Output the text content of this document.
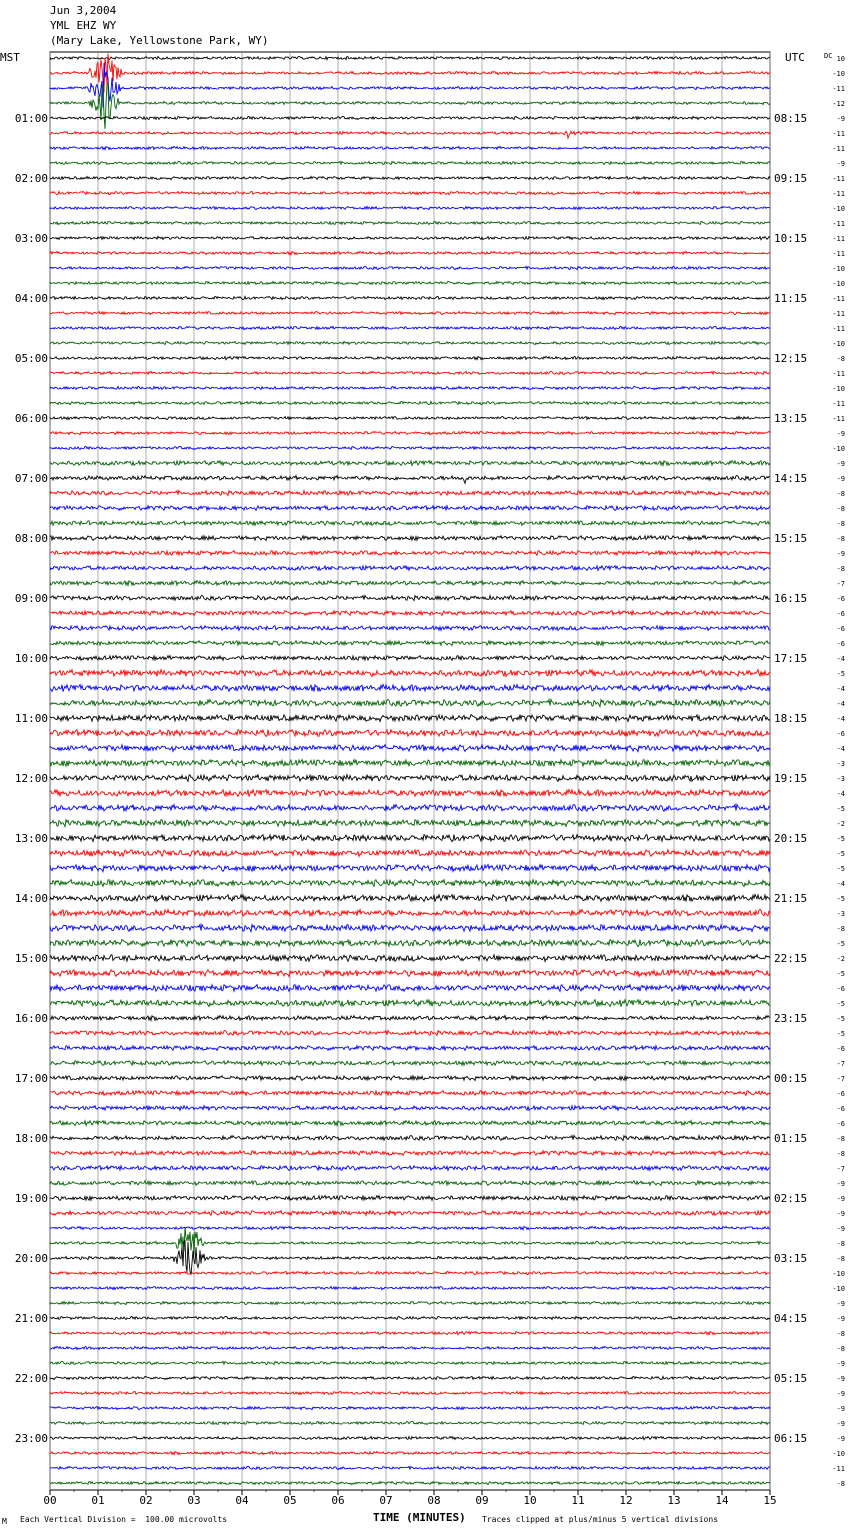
Jun 3,2004
YML EHZ WY
(Mary Lake, Yellowstone Park, WY)
00	01	02	03	04	05	06	07	08	09	10	11	12	13	14	15
10
-10
-11
-12
-9
-11
-11
-9
-11
-11
-10
-11
-11
-11
-10
-10
-11
-11
-11
-10
-8
-11
-10
-11
-11
-9
-10
-9
-9
-8
-8
-8
-8
-9
-8
-7
-6
-6
-6
-6
-4
-5
-4
-4
-4
-6
-4
-3
-3
-4
-5
-2
-5
-5
-5
-4
-5
-3
-8
-5
-2
-5
-6
-5
-5
-5
-6
-7
-7
-6
-6
-6
-8
-8
-7
-9
-9
-9
-9
-8
-8
-10
-10
-9
-9
-8
-8
-9
-9
-9
-9
-9
-9
-10
-11
-8
01:00
02:00
03:00
04:00
05:00
06:00
07:00
08:00
09:00
10:00
11:00
12:00
13:00
14:00
15:00
16:00
17:00
18:00
19:00
20:00
21:00
22:00
23:00
08:15
09:15
10:15
11:15
12:15
13:15
14:15
15:15
16:15
17:15
18:15
19:15
20:15
21:15
22:15
23:15
00:15
01:15
02:15
03:15
04:15
05:15
06:15
MST	UTC	DC
M Each Vertical Division =  100.00 microvolts	TIME (MINUTES) Traces clipped at plus/minus 5 vertical divisions
